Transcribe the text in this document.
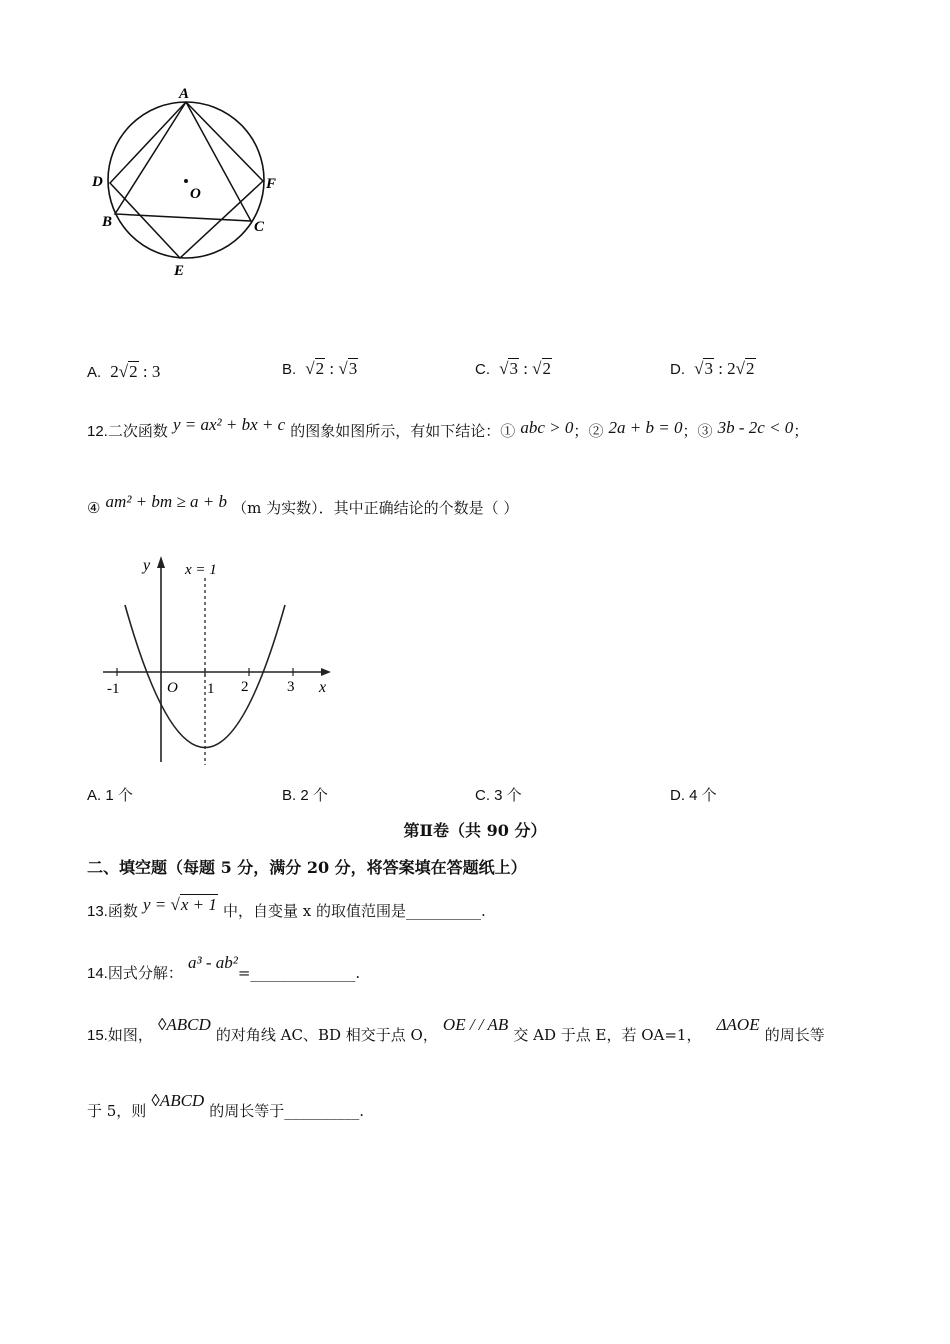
A
D	F
O
B	C
E
A. 2√2 : 3	B. √2 : √3	C. √3 : √2	D. √3 : 2√2
12.二次函数 y = ax² + bx + c 的图象如图所示，有如下结论：① abc > 0；② 2a + b = 0；③ 3b - 2c < 0；
④ am² + bm ≥ a + b （m 为实数）．其中正确结论的个数是（ ）
y x = 1
x
-1	O 1 2	3
A. 1 个	B. 2 个	C. 3 个	D. 4 个
第Ⅱ卷（共 90 分）
二、填空题（每题 5 分，满分 20 分，将答案填在答题纸上）
13.函数 y = √x + 1 中，自变量 x 的取值范围是__________.
14.因式分解： a³ - ab²=______________.
15.如图， ◊ABCD 的对角线 AC、BD 相交于点 O， OE / / AB 交 AD 于点 E，若 OA=1， ΔAOE 的周长等
于 5，则 ◊ABCD 的周长等于__________.
